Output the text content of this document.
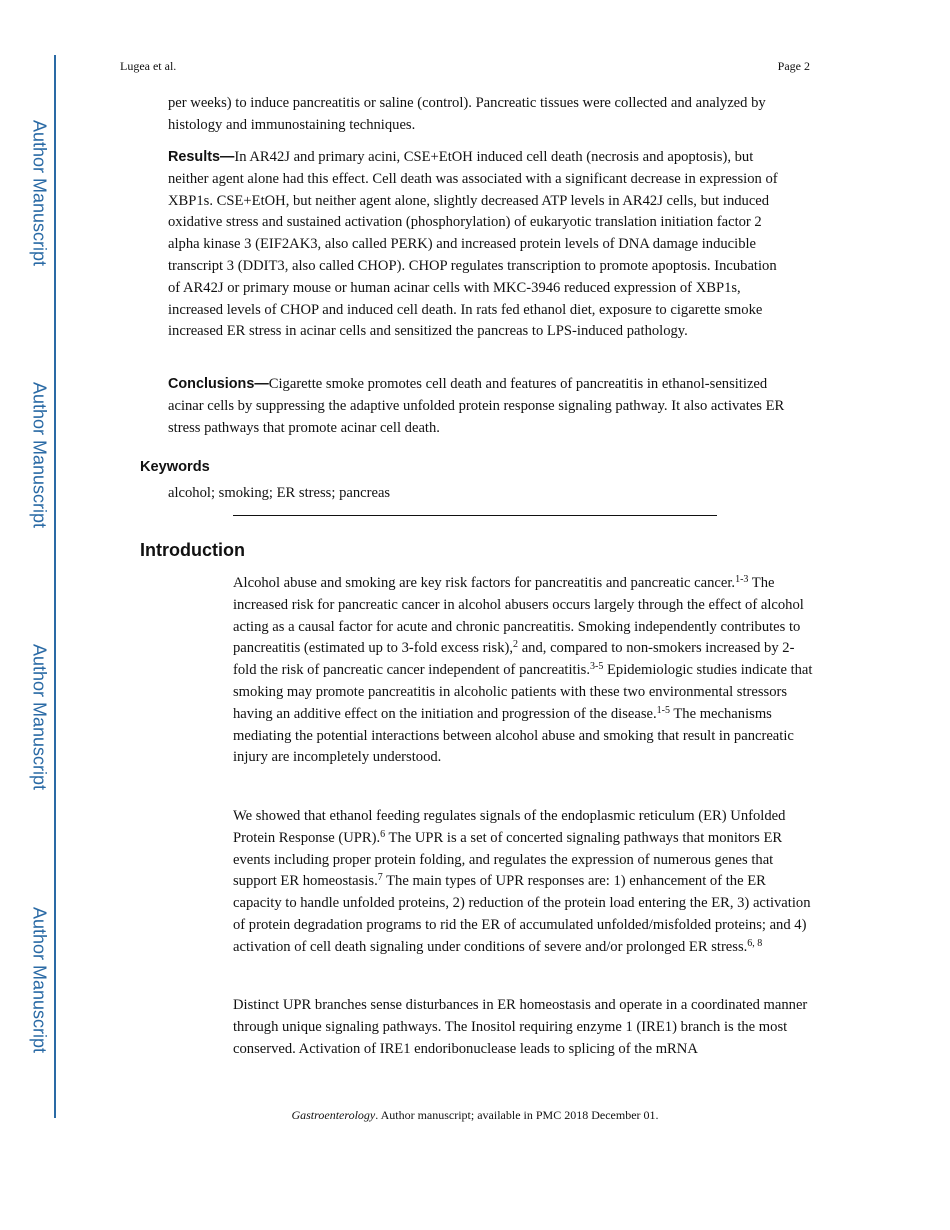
Author Manuscript
Author Manuscript
Author Manuscript
Author Manuscript
Lugea et al.	Page 2

per weeks) to induce pancreatitis or saline (control). Pancreatic tissues were collected and analyzed by histology and immunostaining techniques.

Results—In AR42J and primary acini, CSE+EtOH induced cell death (necrosis and apoptosis), but neither agent alone had this effect. Cell death was associated with a significant decrease in expression of XBP1s. CSE+EtOH, but neither agent alone, slightly decreased ATP levels in AR42J cells, but induced oxidative stress and sustained activation (phosphorylation) of eukaryotic translation initiation factor 2 alpha kinase 3 (EIF2AK3, also called PERK) and increased protein levels of DNA damage inducible transcript 3 (DDIT3, also called CHOP). CHOP regulates transcription to promote apoptosis. Incubation of AR42J or primary mouse or human acinar cells with MKC-3946 reduced expression of XBP1s, increased levels of CHOP and induced cell death. In rats fed ethanol diet, exposure to cigarette smoke increased ER stress in acinar cells and sensitized the pancreas to LPS-induced pathology.

Conclusions—Cigarette smoke promotes cell death and features of pancreatitis in ethanol-sensitized acinar cells by suppressing the adaptive unfolded protein response signaling pathway. It also activates ER stress pathways that promote acinar cell death.

Keywords
alcohol; smoking; ER stress; pancreas
Introduction

Alcohol abuse and smoking are key risk factors for pancreatitis and pancreatic cancer.$^{1-3}$ The increased risk for pancreatic cancer in alcohol abusers occurs largely through the effect of alcohol acting as a causal factor for acute and chronic pancreatitis. Smoking independently contributes to pancreatitis (estimated up to 3-fold excess risk),$^2$ and, compared to non-smokers increased by 2-fold the risk of pancreatic cancer independent of pancreatitis.$^{3-5}$ Epidemiologic studies indicate that smoking may promote pancreatitis in alcoholic patients with these two environmental stressors having an additive effect on the initiation and progression of the disease.$^{1-5}$ The mechanisms mediating the potential interactions between alcohol abuse and smoking that result in pancreatic injury are incompletely understood.

We showed that ethanol feeding regulates signals of the endoplasmic reticulum (ER) Unfolded Protein Response (UPR).$^6$ The UPR is a set of concerted signaling pathways that monitors ER events including proper protein folding, and regulates the expression of numerous genes that support ER homeostasis.$^7$ The main types of UPR responses are: 1) enhancement of the ER capacity to handle unfolded proteins, 2) reduction of the protein load entering the ER, 3) activation of protein degradation programs to rid the ER of accumulated unfolded/misfolded proteins; and 4) activation of cell death signaling under conditions of severe and/or prolonged ER stress.$^{6, 8}$

Distinct UPR branches sense disturbances in ER homeostasis and operate in a coordinated manner through unique signaling pathways. The Inositol requiring enzyme 1 (IRE1) branch is the most conserved. Activation of IRE1 endoribonuclease leads to splicing of the mRNA

Gastroenterology. Author manuscript; available in PMC 2018 December 01.
